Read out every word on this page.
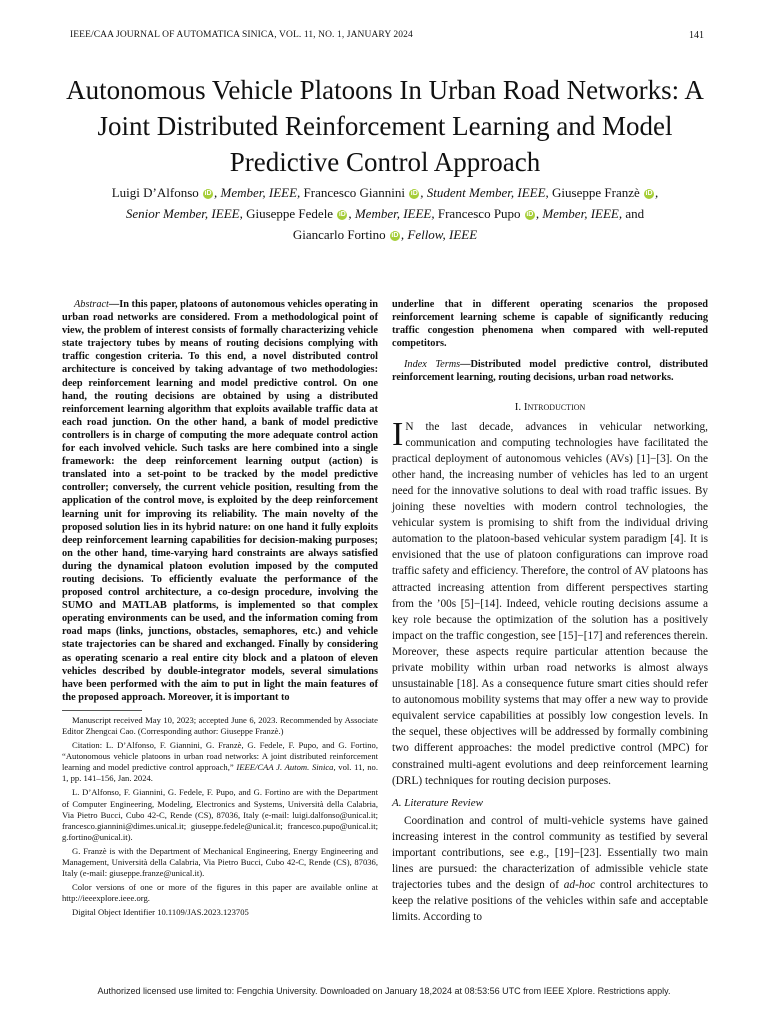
IEEE/CAA JOURNAL OF AUTOMATICA SINICA, VOL. 11, NO. 1, JANUARY 2024	141
Autonomous Vehicle Platoons In Urban Road Networks: A Joint Distributed Reinforcement Learning and Model Predictive Control Approach
Luigi D’Alfonso iD , Member, IEEE, Francesco Giannini iD , Student Member, IEEE, Giuseppe Franzè iD , Senior Member, IEEE, Giuseppe Fedele iD , Member, IEEE, Francesco Pupo iD , Member, IEEE, and
Giancarlo Fortino iD , Fellow, IEEE

Abstract—In this paper, platoons of autonomous vehicles operating in urban road networks are considered. From a methodological point of view, the problem of interest consists of formally characterizing vehicle state trajectory tubes by means of routing decisions complying with traffic congestion criteria. To this end, a novel distributed control architecture is conceived by taking advantage of two methodologies: deep reinforcement learning and model predictive control. On one hand, the routing decisions are obtained by using a distributed reinforcement learning algorithm that exploits available traffic data at each road junction. On the other hand, a bank of model predictive controllers is in charge of computing the more adequate control action for each involved vehicle. Such tasks are here combined into a single framework: the deep reinforcement learning output (action) is translated into a set-point to be tracked by the model predictive controller; conversely, the current vehicle position, resulting from the application of the control move, is exploited by the deep reinforcement learning unit for improving its reliability. The main novelty of the proposed solution lies in its hybrid nature: on one hand it fully exploits deep reinforcement learning capabilities for decision-making purposes; on the other hand, time-varying hard constraints are always satisfied during the dynamical platoon evolution imposed by the computed routing decisions. To efficiently evaluate the performance of the proposed control architecture, a co-design procedure, involving the SUMO and MATLAB platforms, is implemented so that complex operating environments can be used, and the information coming from road maps (links, junctions, obstacles, semaphores, etc.) and vehicle state trajectories can be shared and exchanged. Finally by considering as operating scenario a real entire city block and a platoon of eleven vehicles described by double-integrator models, several simulations have been performed with the aim to put in light the main features of the proposed approach. Moreover, it is important to

Manuscript received May 10, 2023; accepted June 6, 2023. Recommended by Associate Editor Zhengcai Cao. (Corresponding author: Giuseppe Franzè.)

Citation: L. D’Alfonso, F. Giannini, G. Franzè, G. Fedele, F. Pupo, and G. Fortino, “Autonomous vehicle platoons in urban road networks: A joint distributed reinforcement learning and model predictive control approach,” IEEE/CAA J. Autom. Sinica, vol. 11, no. 1, pp. 141–156, Jan. 2024.

L. D’Alfonso, F. Giannini, G. Fedele, F. Pupo, and G. Fortino are with the Department of Computer Engineering, Modeling, Electronics and Systems, Università della Calabria, Via Pietro Bucci, Cubo 42-C, Rende (CS), 87036, Italy (e-mail: luigi.dalfonso@unical.it; francesco.giannini@dimes.unical.it; giuseppe.fedele@unical.it; francesco.pupo@unical.it; g.fortino@unical.it).

G. Franzè is with the Department of Mechanical Engineering, Energy Engineering and Management, Università della Calabria, Via Pietro Bucci, Cubo 42-C, Rende (CS), 87036, Italy (e-mail: giuseppe.franze@unical.it).

Color versions of one or more of the figures in this paper are available online at http://ieeexplore.ieee.org.

Digital Object Identifier 10.1109/JAS.2023.123705

underline that in different operating scenarios the proposed reinforcement learning scheme is capable of significantly reducing traffic congestion phenomena when compared with well-reputed competitors.

Index Terms—Distributed model predictive control, distributed reinforcement learning, routing decisions, urban road networks.

I. Introduction

I N the last decade, advances in vehicular networking, communication and computing technologies have facilitated the practical deployment of autonomous vehicles (AVs) [1]−[3]. On the other hand, the increasing number of vehicles has led to an urgent need for the innovative solutions to deal with road traffic issues. By joining these novelties with modern control technologies, the vehicular system is promising to shift from the individual driving automation to the platoon-based vehicular system paradigm [4]. It is envisioned that the use of platoon configurations can improve road traffic safety and efficiency. Therefore, the control of AV platoons has attracted increasing attention from different perspectives starting from the ’00s [5]−[14]. Indeed, vehicle routing decisions assume a key role because the optimization of the solution has a positively impact on the traffic congestion, see [15]−[17] and references therein. Moreover, these aspects require particular attention because the private mobility within urban road networks is almost always unsustainable [18]. As a consequence future smart cities should refer to autonomous mobility systems that may offer a new way to provide equivalent service capabilities at possibly low congestion levels. In the sequel, these objectives will be addressed by formally combining two different approaches: the model predictive control (MPC) for constrained multi-agent evolutions and deep reinforcement learning (DRL) techniques for routing decision purposes.

A. Literature Review

Coordination and control of multi-vehicle systems have gained increasing interest in the control community as testified by several important contributions, see e.g., [19]−[23]. Essentially two main lines are pursued: the characterization of admissible vehicle state trajectories tubes and the design of ad-hoc control architectures to keep the relative positions of the vehicles within safe and acceptable limits. According to

Authorized licensed use limited to: Fengchia University. Downloaded on January 18,2024 at 08:53:56 UTC from IEEE Xplore. Restrictions apply.
